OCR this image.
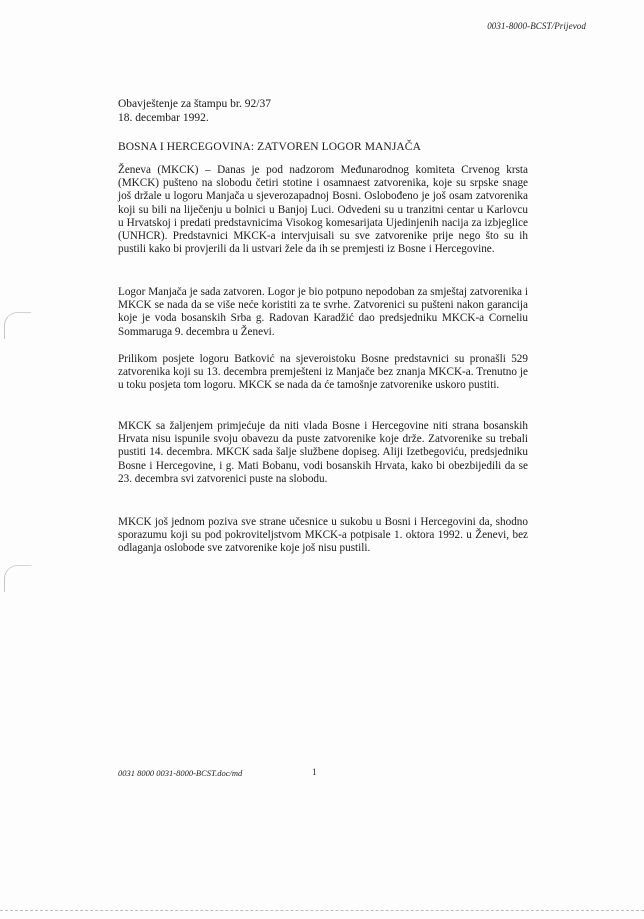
0031-8000-BCST/Prijevod
Obavještenje za štampu br. 92/37
18. decembar 1992.
BOSNA I HERCEGOVINA: ZATVOREN LOGOR MANJAČA

Ženeva (MKCK) – Danas je pod nadzorom Međunarodnog komiteta Crvenog krsta (MKCK) pušteno na slobodu četiri stotine i osamnaest zatvorenika, koje su srpske snage još držale u logoru Manjača u sjeverozapadnoj Bosni. Oslobođeno je još osam zatvorenika koji su bili na liječenju u bolnici u Banjoj Luci. Odvedeni su u tranzitni centar u Karlovcu u Hrvatskoj i predati predstavnicima Visokog komesarijata Ujedinjenih nacija za izbjeglice (UNHCR). Predstavnici MKCK-a intervjuisali su sve zatvorenike prije nego što su ih pustili kako bi provjerili da li ustvari žele da ih se premjesti iz Bosne i Hercegovine.

Logor Manjača je sada zatvoren. Logor je bio potpuno nepodoban za smještaj zatvorenika i MKCK se nada da se više neće koristiti za te svrhe. Zatvorenici su pušteni nakon garancija koje je voda bosanskih Srba g. Radovan Karadžić dao predsjedniku MKCK-a Corneliu Sommaruga 9. decembra u Ženevi.

Prilikom posjete logoru Batković na sjeveroistoku Bosne predstavnici su pronašli 529 zatvorenika koji su 13. decembra premješteni iz Manjače bez znanja MKCK-a. Trenutno je u toku posjeta tom logoru. MKCK se nada da će tamošnje zatvorenike uskoro pustiti.

MKCK sa žaljenjem primjećuje da niti vlada Bosne i Hercegovine niti strana bosanskih Hrvata nisu ispunile svoju obavezu da puste zatvorenike koje drže. Zatvorenike su trebali pustiti 14. decembra. MKCK sada šalje službene dopiseg. Aliji Izetbegoviću, predsjedniku Bosne i Hercegovine, i g. Mati Bobanu, vodi bosanskih Hrvata, kako bi obezbijedili da se 23. decembra svi zatvorenici puste na slobodu.

MKCK još jednom poziva sve strane učesnice u sukobu u Bosni i Hercegovini da, shodno sporazumu koji su pod pokroviteljstvom MKCK-a potpisale 1. oktora 1992. u Ženevi, bez odlaganja oslobode sve zatvorenike koje još nisu pustili.

0031 8000 0031-8000-BCST.doc/md	1
